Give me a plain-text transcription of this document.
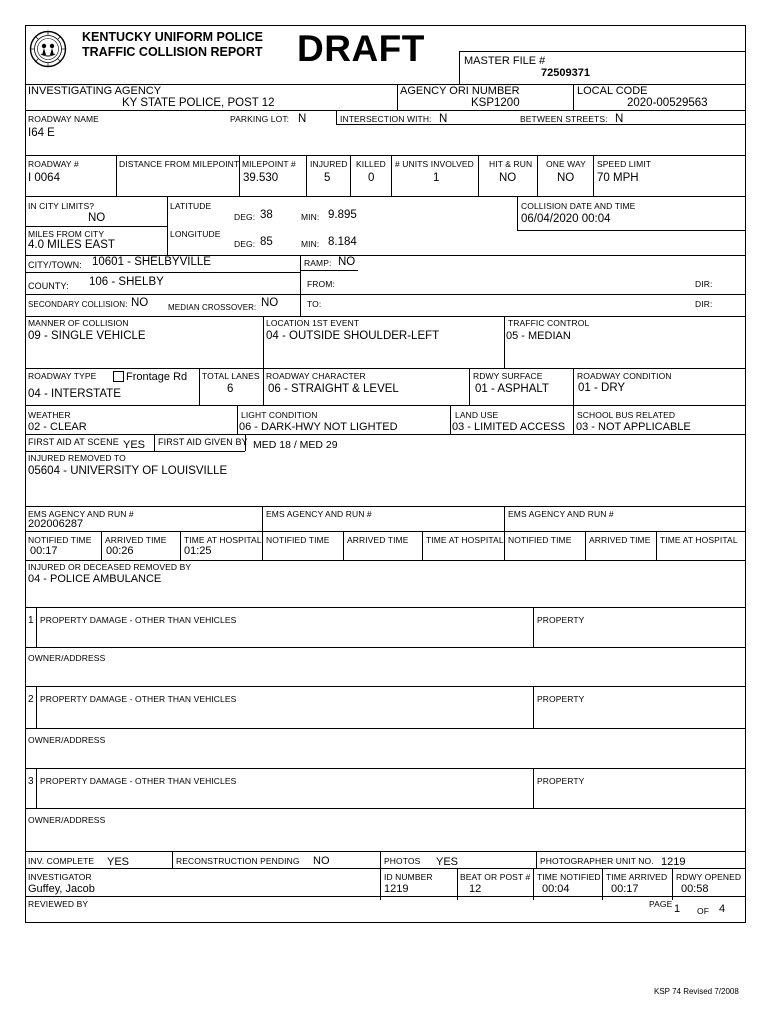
KENTUCKY UNIFORM POLICE
TRAFFIC COLLISION REPORT DRAFT	MASTER FILE #
72509371
INVESTIGATING AGENCY
KY STATE POLICE, POST 12
AGENCY ORI NUMBER
KSP1200
LOCAL CODE
2020-00529563
ROADWAY NAME
I64 E
PARKING LOT: N	INTERSECTION WITH: N	BETWEEN STREETS: N
ROADWAY #
I 0064
DISTANCE FROM MILEPOINT MILEPOINT #
39.530
INJURED
5
KILLED
0
# UNITS INVOLVED
1
HIT & RUN
NO
ONE WAY
NO
SPEED LIMIT
70 MPH
IN CITY LIMITS?
NO
LATITUDE
DEG: 38	MIN: 9.895
COLLISION DATE AND TIME
06/04/2020 00:04
MILES FROM CITY
4.0 MILES EAST
LONGITUDE
DEG: 85	MIN: 8.184
CITY/TOWN: 10601 - SHELBYVILLE	RAMP: NO
COUNTY: 106 - SHELBY	FROM:	DIR:
SECONDARY COLLISION: NO MEDIAN CROSSOVER: NO	TO:	DIR:
MANNER OF COLLISION
09 - SINGLE VEHICLE
LOCATION 1ST EVENT
04 - OUTSIDE SHOULDER-LEFT
TRAFFIC CONTROL
05 - MEDIAN
ROADWAY TYPE	Frontage Rd
04 - INTERSTATE
TOTAL LANES
6
ROADWAY CHARACTER
06 - STRAIGHT & LEVEL
RDWY SURFACE
01 - ASPHALT
ROADWAY CONDITION
01 - DRY
WEATHER
02 - CLEAR
LIGHT CONDITION
06 - DARK-HWY NOT LIGHTED
LAND USE
03 - LIMITED ACCESS
SCHOOL BUS RELATED
03 - NOT APPLICABLE
FIRST AID AT SCENE YES FIRST AID GIVEN BY MED 18 / MED 29
INJURED REMOVED TO
05604 - UNIVERSITY OF LOUISVILLE
EMS AGENCY AND RUN #
202006287
EMS AGENCY AND RUN #	EMS AGENCY AND RUN #
NOTIFIED TIME
00:17
ARRIVED TIME
00:26
TIME AT HOSPITAL
01:25
NOTIFIED TIME ARRIVED TIME TIME AT HOSPITAL NOTIFIED TIME ARRIVED TIME TIME AT HOSPITAL
INJURED OR DECEASED REMOVED BY
04 - POLICE AMBULANCE
1 PROPERTY DAMAGE - OTHER THAN VEHICLES	PROPERTY
OWNER/ADDRESS
2 PROPERTY DAMAGE - OTHER THAN VEHICLES	PROPERTY
OWNER/ADDRESS
3 PROPERTY DAMAGE - OTHER THAN VEHICLES	PROPERTY
OWNER/ADDRESS
INV. COMPLETE YES	RECONSTRUCTION PENDING NO	PHOTOS YES	PHOTOGRAPHER UNIT NO. 1219
INVESTIGATOR
Guffey, Jacob
ID NUMBER
1219
BEAT OR POST #
12
TIME NOTIFIED
00:04
TIME ARRIVED
00:17
RDWY OPENED
00:58
REVIEWED BY	PAGE 1 OF 4
KSP 74 Revised 7/2008
